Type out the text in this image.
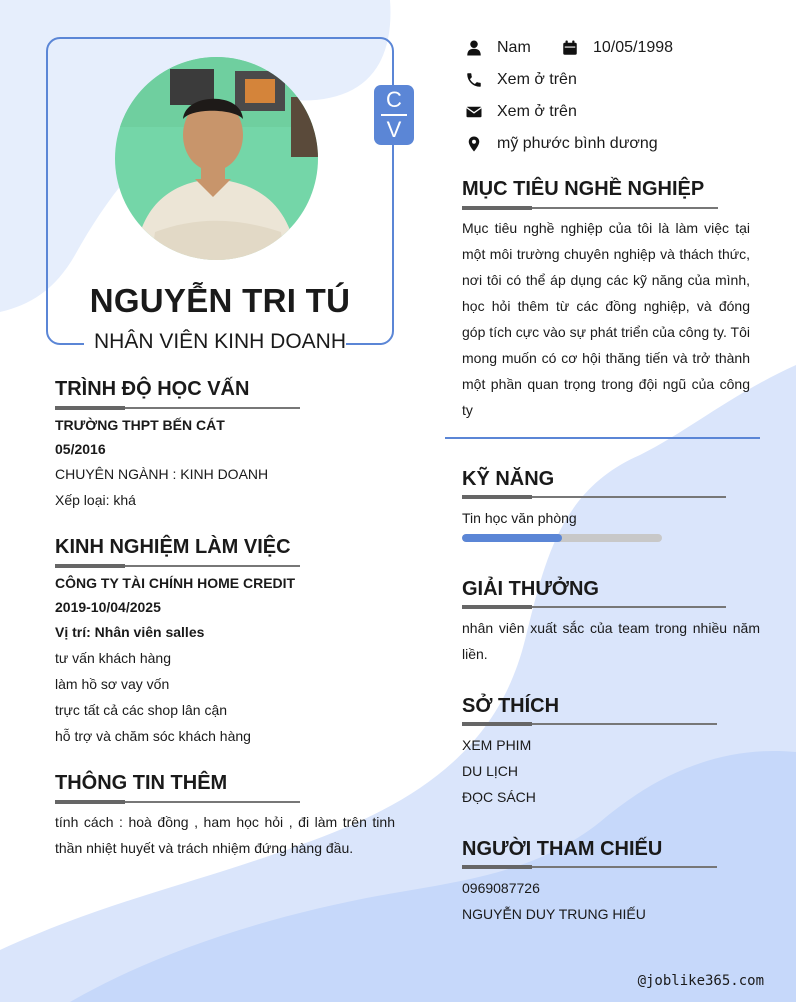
C
V
NGUYỄN TRI TÚ
NHÂN VIÊN KINH DOANH
Nam	10/05/1998
Xem ở trên
Xem ở trên
mỹ phước bình dương
MỤC TIÊU NGHỀ NGHIỆP
Mục tiêu nghề nghiệp của tôi là làm việc tại một môi trường chuyên nghiệp và thách thức, nơi tôi có thể áp dụng các kỹ năng của mình, học hỏi thêm từ các đồng nghiệp, và đóng góp tích cực vào sự phát triển của công ty. Tôi mong muốn có cơ hội thăng tiến và trở thành một phần quan trọng trong đội ngũ của công ty
TRÌNH ĐỘ HỌC VẤN
TRƯỜNG THPT BẾN CÁT
05/2016
CHUYÊN NGÀNH : KINH DOANH
Xếp loại: khá
KINH NGHIỆM LÀM VIỆC
CÔNG TY TÀI CHÍNH HOME CREDIT
2019-10/04/2025
Vị trí: Nhân viên salles
tư vấn khách hàng
làm hồ sơ vay vốn
trực tất cả các shop lân cận
hỗ trợ và chăm sóc khách hàng
THÔNG TIN THÊM
tính cách : hoà đồng , ham học hỏi , đi làm trên tinh thần nhiệt huyết và trách nhiệm đứng hàng đầu.
KỸ NĂNG
Tin học văn phòng
GIẢI THƯỞNG
nhân viên xuất sắc của team trong nhiều năm liền.
SỞ THÍCH
XEM PHIM
DU LỊCH
ĐỌC SÁCH
NGƯỜI THAM CHIẾU
0969087726
NGUYỄN DUY TRUNG HIẾU
@joblike365.com
